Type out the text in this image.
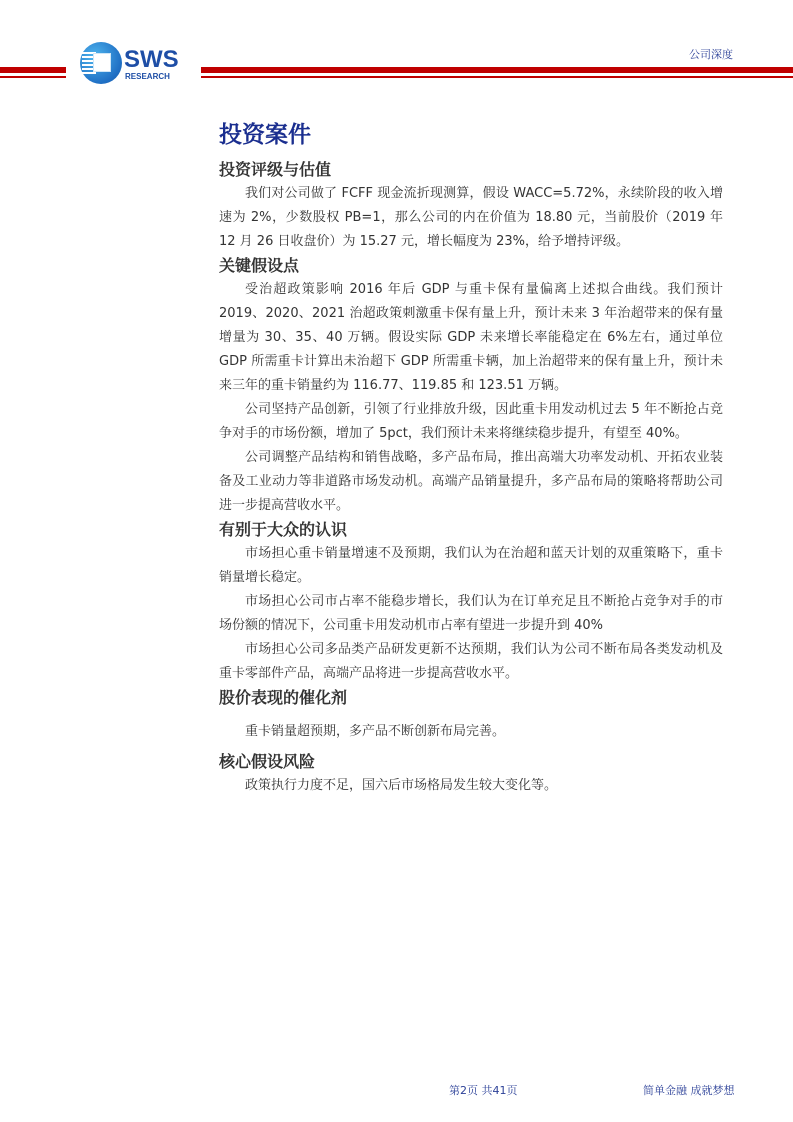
SWS
RESEARCH
公司深度
投资案件
投资评级与估值

我们对公司做了 FCFF 现金流折现测算，假设 WACC=5.72%，永续阶段的收入增速为 2%，少数股权 PB=1，那么公司的内在价值为 18.80 元，当前股价（2019 年 12 月 26 日收盘价）为 15.27 元，增长幅度为 23%，给予增持评级。

关键假设点

受治超政策影响 2016 年后 GDP 与重卡保有量偏离上述拟合曲线。我们预计 2019、2020、2021 治超政策刺激重卡保有量上升，预计未来 3 年治超带来的保有量增量为 30、35、40 万辆。假设实际 GDP 未来增长率能稳定在 6%左右，通过单位 GDP 所需重卡计算出未治超下 GDP 所需重卡辆，加上治超带来的保有量上升，预计未来三年的重卡销量约为 116.77、119.85 和 123.51 万辆。

公司坚持产品创新，引领了行业排放升级，因此重卡用发动机过去 5 年不断抢占竞争对手的市场份额，增加了 5pct，我们预计未来将继续稳步提升，有望至 40%。

公司调整产品结构和销售战略，多产品布局，推出高端大功率发动机、开拓农业装备及工业动力等非道路市场发动机。高端产品销量提升，多产品布局的策略将帮助公司进一步提高营收水平。

有别于大众的认识

市场担心重卡销量增速不及预期，我们认为在治超和蓝天计划的双重策略下，重卡销量增长稳定。

市场担心公司市占率不能稳步增长，我们认为在订单充足且不断抢占竞争对手的市场份额的情况下，公司重卡用发动机市占率有望进一步提升到 40%

市场担心公司多品类产品研发更新不达预期，我们认为公司不断布局各类发动机及重卡零部件产品，高端产品将进一步提高营收水平。

股价表现的催化剂

重卡销量超预期，多产品不断创新布局完善。

核心假设风险

政策执行力度不足，国六后市场格局发生较大变化等。

第2页 共41页	简单金融 成就梦想
